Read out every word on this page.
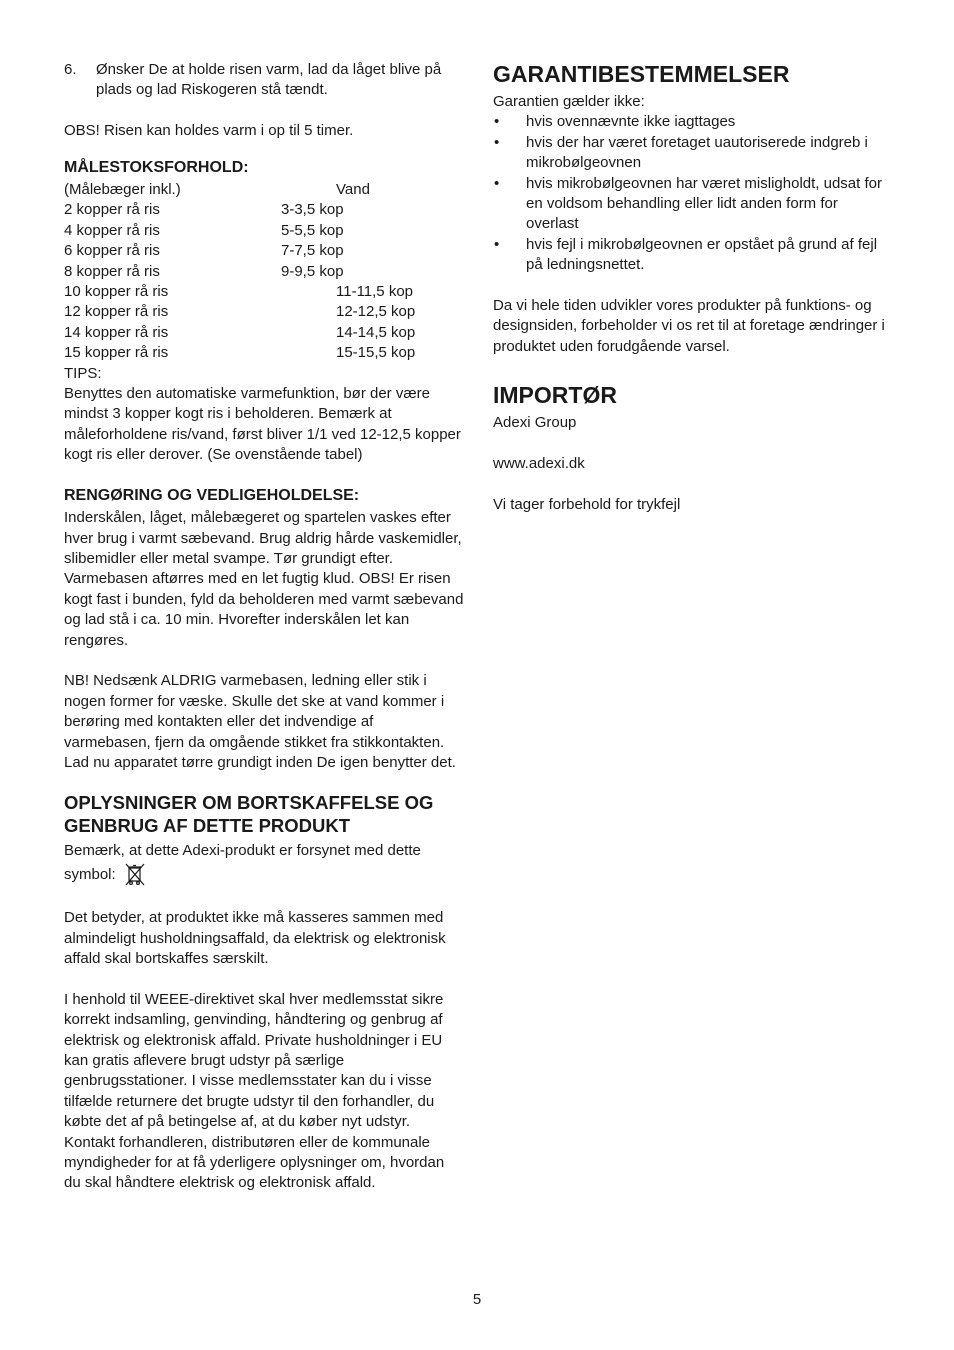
6.	Ønsker De at holde risen varm, lad da låget blive på plads og lad Riskogeren stå tændt.

OBS! Risen kan holdes varm i op til 5 timer.

MÅLESTOKSFORHOLD:
(Målebæger inkl.)	Vand
2 kopper rå ris	3-3,5 kop
4 kopper rå ris	5-5,5 kop
6 kopper rå ris	7-7,5 kop
8 kopper rå ris	9-9,5 kop
10 kopper rå ris	11-11,5 kop
12 kopper rå ris	12-12,5 kop
14 kopper rå ris	14-14,5 kop
15 kopper rå ris	15-15,5 kop

TIPS:

Benyttes den automatiske varmefunktion, bør der være mindst 3 kopper kogt ris i beholderen. Bemærk at måleforholdene ris/vand, først bliver 1/1 ved 12-12,5 kopper kogt ris eller derover. (Se ovenstående tabel)

RENGØRING OG VEDLIGEHOLDELSE:

Inderskålen, låget, målebægeret og spartelen vaskes efter hver brug i varmt sæbevand. Brug aldrig hårde vaskemidler, slibemidler eller metal svampe. Tør grundigt efter. Varmebasen aftørres med en let fugtig klud. OBS! Er risen kogt fast i bunden, fyld da beholderen med varmt sæbevand og lad stå i ca. 10 min. Hvorefter inderskålen let kan rengøres.

NB! Nedsænk ALDRIG varmebasen, ledning eller stik i nogen former for væske. Skulle det ske at vand kommer i berøring med kontakten eller det indvendige af varmebasen, fjern da omgående stikket fra stikkontakten. Lad nu apparatet tørre grundigt inden De igen benytter det.

OPLYSNINGER OM BORTSKAFFELSE OG GENBRUG AF DETTE PRODUKT

Bemærk, at dette Adexi-produkt er forsynet med dette symbol:

Det betyder, at produktet ikke må kasseres sammen med almindeligt husholdningsaffald, da elektrisk og elektronisk affald skal bortskaffes særskilt.

I henhold til WEEE-direktivet skal hver medlemsstat sikre korrekt indsamling, genvinding, håndtering og genbrug af elektrisk og elektronisk affald. Private husholdninger i EU kan gratis aflevere brugt udstyr på særlige genbrugsstationer. I visse medlemsstater kan du i visse tilfælde returnere det brugte udstyr til den forhandler, du købte det af på betingelse af, at du køber nyt udstyr. Kontakt forhandleren, distributøren eller de kommunale myndigheder for at få yderligere oplysninger om, hvordan du skal håndtere elektrisk og elektronisk affald.

GARANTIBESTEMMELSER

Garantien gælder ikke:

•	hvis ovennævnte ikke iagttages
•	hvis der har været foretaget uautoriserede indgreb i mikrobølgeovnen
•	hvis mikrobølgeovnen har været misligholdt, udsat for en voldsom behandling eller lidt anden form for overlast
•	hvis fejl i mikrobølgeovnen er opstået på grund af fejl på ledningsnettet.

Da vi hele tiden udvikler vores produkter på funktions- og designsiden, forbeholder vi os ret til at foretage ændringer i produktet uden forudgående varsel.

IMPORTØR

Adexi Group

www.adexi.dk

Vi tager forbehold for trykfejl

5
